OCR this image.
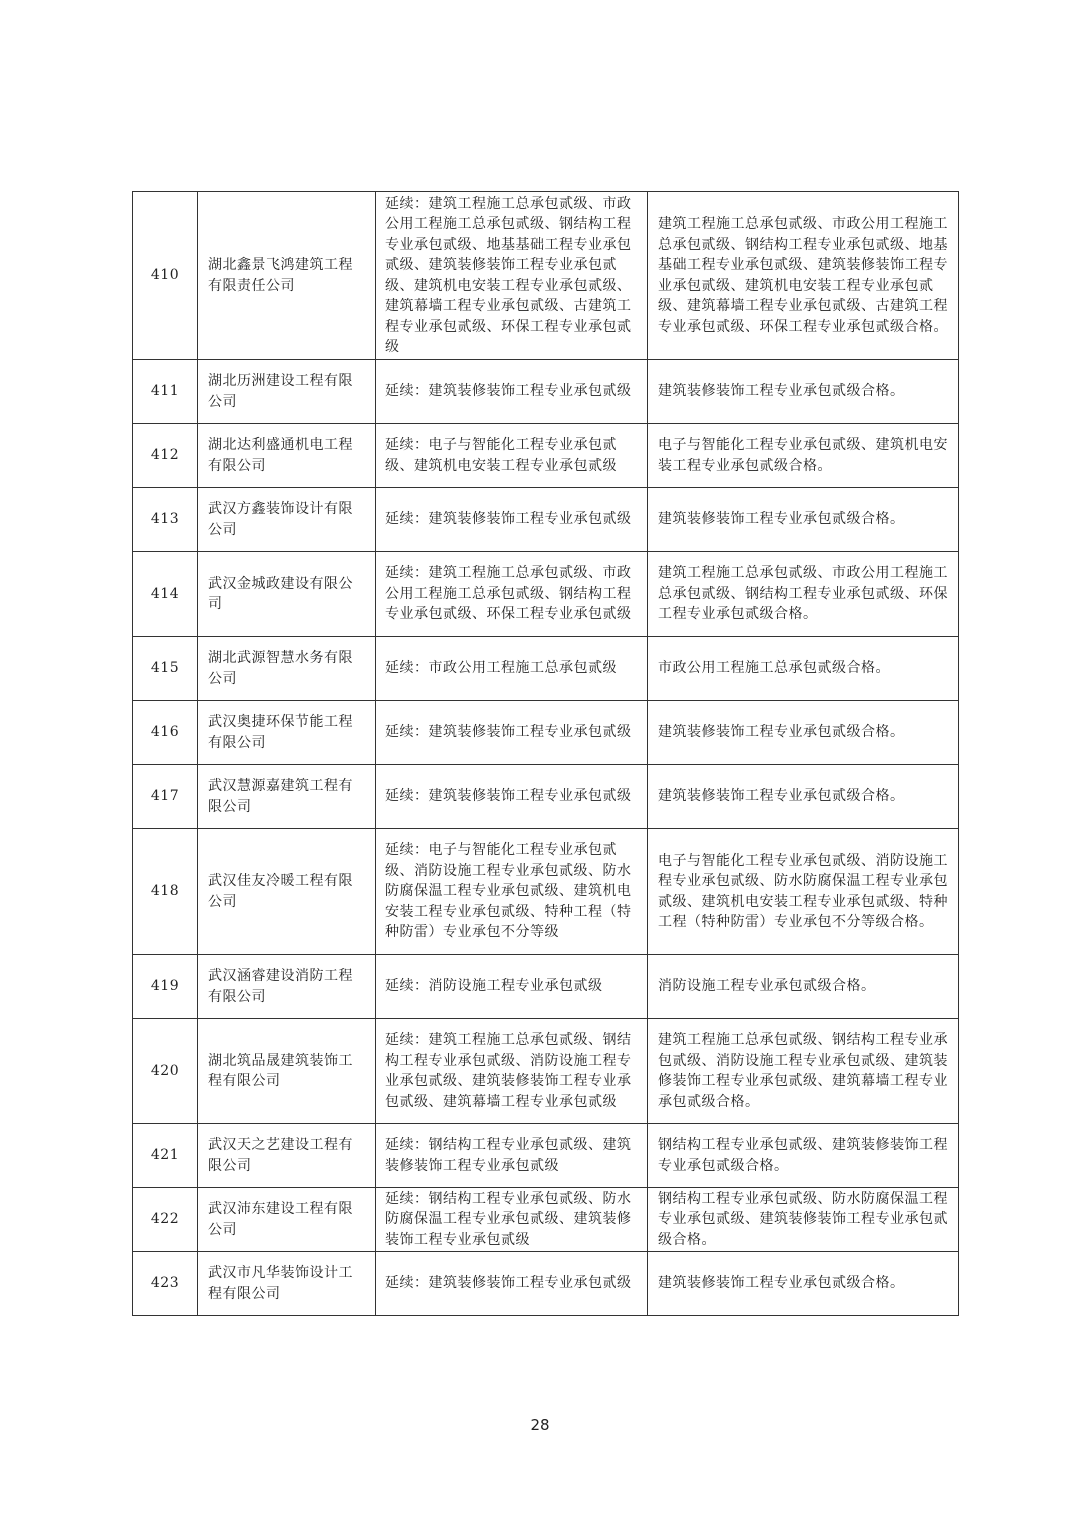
410	湖北鑫景飞鸿建筑工程有限责任公司	延续：建筑工程施工总承包贰级、市政公用工程施工总承包贰级、钢结构工程专业承包贰级、地基基础工程专业承包贰级、建筑装修装饰工程专业承包贰级、建筑机电安装工程专业承包贰级、建筑幕墙工程专业承包贰级、古建筑工程专业承包贰级、环保工程专业承包贰级	建筑工程施工总承包贰级、市政公用工程施工总承包贰级、钢结构工程专业承包贰级、地基基础工程专业承包贰级、建筑装修装饰工程专业承包贰级、建筑机电安装工程专业承包贰级、建筑幕墙工程专业承包贰级、古建筑工程专业承包贰级、环保工程专业承包贰级合格。
411	湖北历洲建设工程有限公司	延续：建筑装修装饰工程专业承包贰级	建筑装修装饰工程专业承包贰级合格。
412	湖北达利盛通机电工程有限公司	延续：电子与智能化工程专业承包贰级、建筑机电安装工程专业承包贰级	电子与智能化工程专业承包贰级、建筑机电安装工程专业承包贰级合格。
413	武汉方鑫装饰设计有限公司	延续：建筑装修装饰工程专业承包贰级	建筑装修装饰工程专业承包贰级合格。
414	武汉金城政建设有限公司	延续：建筑工程施工总承包贰级、市政公用工程施工总承包贰级、钢结构工程专业承包贰级、环保工程专业承包贰级	建筑工程施工总承包贰级、市政公用工程施工总承包贰级、钢结构工程专业承包贰级、环保工程专业承包贰级合格。
415	湖北武源智慧水务有限公司	延续：市政公用工程施工总承包贰级	市政公用工程施工总承包贰级合格。
416	武汉奥捷环保节能工程有限公司	延续：建筑装修装饰工程专业承包贰级	建筑装修装饰工程专业承包贰级合格。
417	武汉慧源嘉建筑工程有限公司	延续：建筑装修装饰工程专业承包贰级	建筑装修装饰工程专业承包贰级合格。
418	武汉佳友冷暖工程有限公司	延续：电子与智能化工程专业承包贰级、消防设施工程专业承包贰级、防水防腐保温工程专业承包贰级、建筑机电安装工程专业承包贰级、特种工程（特种防雷）专业承包不分等级	电子与智能化工程专业承包贰级、消防设施工程专业承包贰级、防水防腐保温工程专业承包贰级、建筑机电安装工程专业承包贰级、特种工程（特种防雷）专业承包不分等级合格。
419	武汉涵睿建设消防工程有限公司	延续：消防设施工程专业承包贰级	消防设施工程专业承包贰级合格。
420	湖北筑品晟建筑装饰工程有限公司	延续：建筑工程施工总承包贰级、钢结构工程专业承包贰级、消防设施工程专业承包贰级、建筑装修装饰工程专业承包贰级、建筑幕墙工程专业承包贰级	建筑工程施工总承包贰级、钢结构工程专业承包贰级、消防设施工程专业承包贰级、建筑装修装饰工程专业承包贰级、建筑幕墙工程专业承包贰级合格。
421	武汉天之艺建设工程有限公司	延续：钢结构工程专业承包贰级、建筑装修装饰工程专业承包贰级	钢结构工程专业承包贰级、建筑装修装饰工程专业承包贰级合格。
422	武汉沛东建设工程有限公司	延续：钢结构工程专业承包贰级、防水防腐保温工程专业承包贰级、建筑装修装饰工程专业承包贰级	钢结构工程专业承包贰级、防水防腐保温工程专业承包贰级、建筑装修装饰工程专业承包贰级合格。
423	武汉市凡华装饰设计工程有限公司	延续：建筑装修装饰工程专业承包贰级	建筑装修装饰工程专业承包贰级合格。
28
